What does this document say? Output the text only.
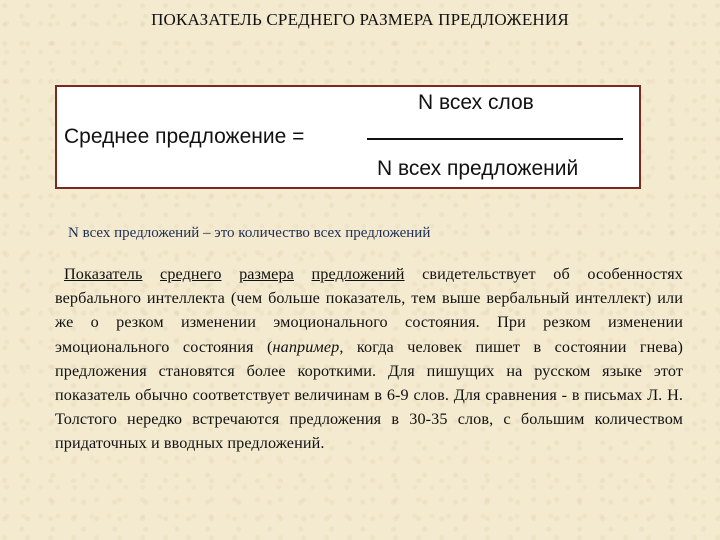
ПОКАЗАТЕЛЬ СРЕДНЕГО РАЗМЕРА ПРЕДЛОЖЕНИЯ
Среднее предложение =
N всех слов
N всех предложений
N всех предложений – это количество всех предложений

Показатель среднего размера предложений свидетельствует об особенностях вербального интеллекта (чем больше показатель, тем выше вербальный интеллект) или же о резком изменении эмоционального состояния. При резком изменении эмоционального состояния (например, когда человек пишет в состоянии гнева) предложения становятся более короткими. Для пишущих на русском языке этот показатель обычно соответствует величинам в 6-9 слов. Для сравнения - в письмах Л. Н. Толстого нередко встречаются предложения в 30-35 слов, с большим количеством придаточных и вводных предложений.
